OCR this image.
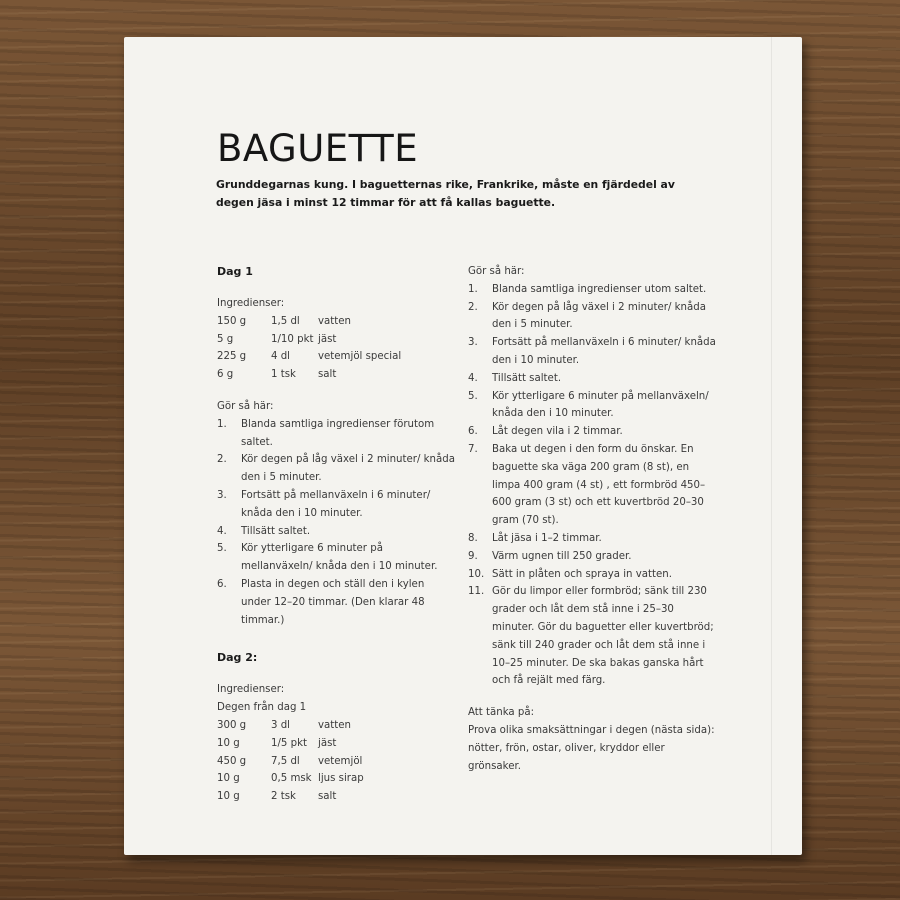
BAGUETTE

Grunddegarnas kung. I baguetternas rike, Frankrike, måste en fjärdedel av degen jäsa i minst 12 timmar för att få kallas baguette.

Dag 1

Ingredienser:
150 g	1,5 dl	vatten
5 g	1/10 pkt jäst
225 g	4 dl	vetemjöl special
6 g	1 tsk	salt
Gör så här:
1.	Blanda samtliga ingredienser förutom saltet.
2.	Kör degen på låg växel i 2 minuter/ knåda den i 5 minuter.
3.	Fortsätt på mellanväxeln i 6 minuter/ knåda den i 10 minuter.
4.	Tillsätt saltet.
5.	Kör ytterligare 6 minuter på mellanväxeln/ knåda den i 10 minuter.
6.	Plasta in degen och ställ den i kylen under 12–20 timmar. (Den klarar 48 timmar.)

Dag 2:

Ingredienser:
Degen från dag 1
300 g	3 dl	vatten
10 g	1/5 pkt	jäst
450 g	7,5 dl	vetemjöl
10 g	0,5 msk ljus sirap
10 g	2 tsk	salt
Gör så här:
1.	Blanda samtliga ingredienser utom saltet.
2.	Kör degen på låg växel i 2 minuter/ knåda den i 5 minuter.
3.	Fortsätt på mellanväxeln i 6 minuter/ knåda den i 10 minuter.
4.	Tillsätt saltet.
5.	Kör ytterligare 6 minuter på mellanväxeln/ knåda den i 10 minuter.
6.	Låt degen vila i 2 timmar.
7.	Baka ut degen i den form du önskar. En baguette ska väga 200 gram (8 st), en limpa 400 gram (4 st) , ett formbröd 450–600 gram (3 st) och ett kuvertbröd 20–30 gram (70 st).
8.	Låt jäsa i 1–2 timmar.
9.	Värm ugnen till 250 grader.
10. Sätt in plåten och spraya in vatten.
11. Gör du limpor eller formbröd; sänk till 230 grader och låt dem stå inne i 25–30 minuter. Gör du baguetter eller kuvertbröd; sänk till 240 grader och låt dem stå inne i 10–25 minuter. De ska bakas ganska hårt och få rejält med färg.
Att tänka på:
Prova olika smaksättningar i degen (nästa sida): nötter, frön, ostar, oliver, kryddor eller grönsaker.
